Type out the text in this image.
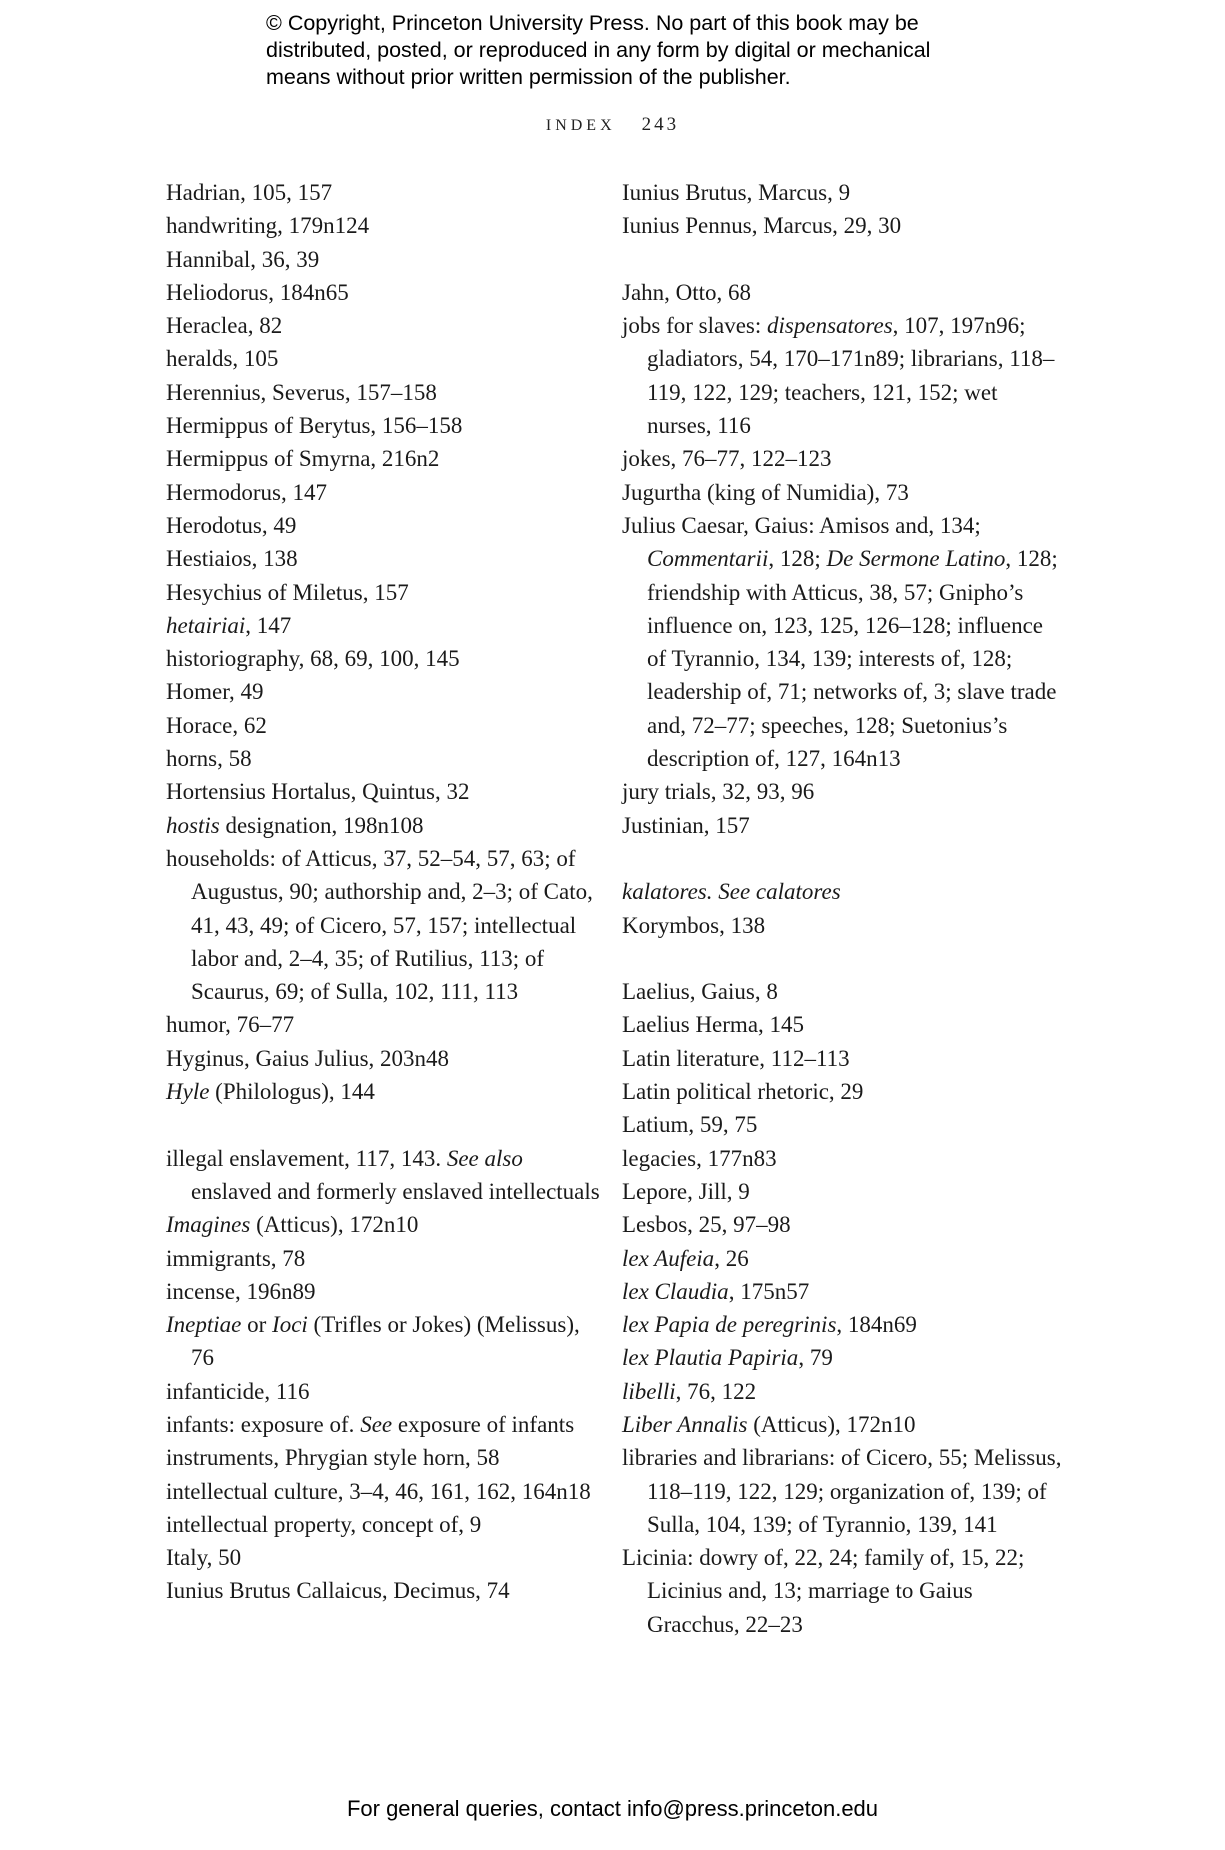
© Copyright, Princeton University Press. No part of this book may be
distributed, posted, or reproduced in any form by digital or mechanical
means without prior written permission of the publisher.
INDEX 243
Hadrian, 105, 157
handwriting, 179n124
Hannibal, 36, 39
Heliodorus, 184n65
Heraclea, 82
heralds, 105
Herennius, Severus, 157–158
Hermippus of Berytus, 156–158
Hermippus of Smyrna, 216n2
Hermodorus, 147
Herodotus, 49
Hestiaios, 138
Hesychius of Miletus, 157
hetairiai, 147
historiography, 68, 69, 100, 145
Homer, 49
Horace, 62
horns, 58
Hortensius Hortalus, Quintus, 32
hostis designation, 198n108
households: of Atticus, 37, 52–54, 57, 63; of Augustus, 90; authorship and, 2–3; of Cato, 41, 43, 49; of Cicero, 57, 157; intellectual labor and, 2–4, 35; of Rutilius, 113; of Scaurus, 69; of Sulla, 102, 111, 113
humor, 76–77
Hyginus, Gaius Julius, 203n48
Hyle (Philologus), 144
illegal enslavement, 117, 143. See also enslaved and formerly enslaved intellectuals
Imagines (Atticus), 172n10
immigrants, 78
incense, 196n89
Ineptiae or Ioci (Trifles or Jokes) (Melissus), 76
infanticide, 116
infants: exposure of. See exposure of infants
instruments, Phrygian style horn, 58
intellectual culture, 3–4, 46, 161, 162, 164n18
intellectual property, concept of, 9
Italy, 50
Iunius Brutus Callaicus, Decimus, 74
Iunius Brutus, Marcus, 9
Iunius Pennus, Marcus, 29, 30
Jahn, Otto, 68
jobs for slaves: dispensatores, 107, 197n96; gladiators, 54, 170–171n89; librarians, 118–119, 122, 129; teachers, 121, 152; wet nurses, 116
jokes, 76–77, 122–123
Jugurtha (king of Numidia), 73
Julius Caesar, Gaius: Amisos and, 134; Commentarii, 128; De Sermone Latino, 128; friendship with Atticus, 38, 57; Gnipho’s influence on, 123, 125, 126–128; influence of Tyrannio, 134, 139; interests of, 128; leadership of, 71; networks of, 3; slave trade and, 72–77; speeches, 128; Suetonius’s description of, 127, 164n13
jury trials, 32, 93, 96
Justinian, 157
kalatores. See calatores
Korymbos, 138
Laelius, Gaius, 8
Laelius Herma, 145
Latin literature, 112–113
Latin political rhetoric, 29
Latium, 59, 75
legacies, 177n83
Lepore, Jill, 9
Lesbos, 25, 97–98
lex Aufeia, 26
lex Claudia, 175n57
lex Papia de peregrinis, 184n69
lex Plautia Papiria, 79
libelli, 76, 122
Liber Annalis (Atticus), 172n10
libraries and librarians: of Cicero, 55; Melissus, 118–119, 122, 129; organization of, 139; of Sulla, 104, 139; of Tyrannio, 139, 141
Licinia: dowry of, 22, 24; family of, 15, 22; Licinius and, 13; marriage to Gaius Gracchus, 22–23
For general queries, contact info@press.princeton.edu
